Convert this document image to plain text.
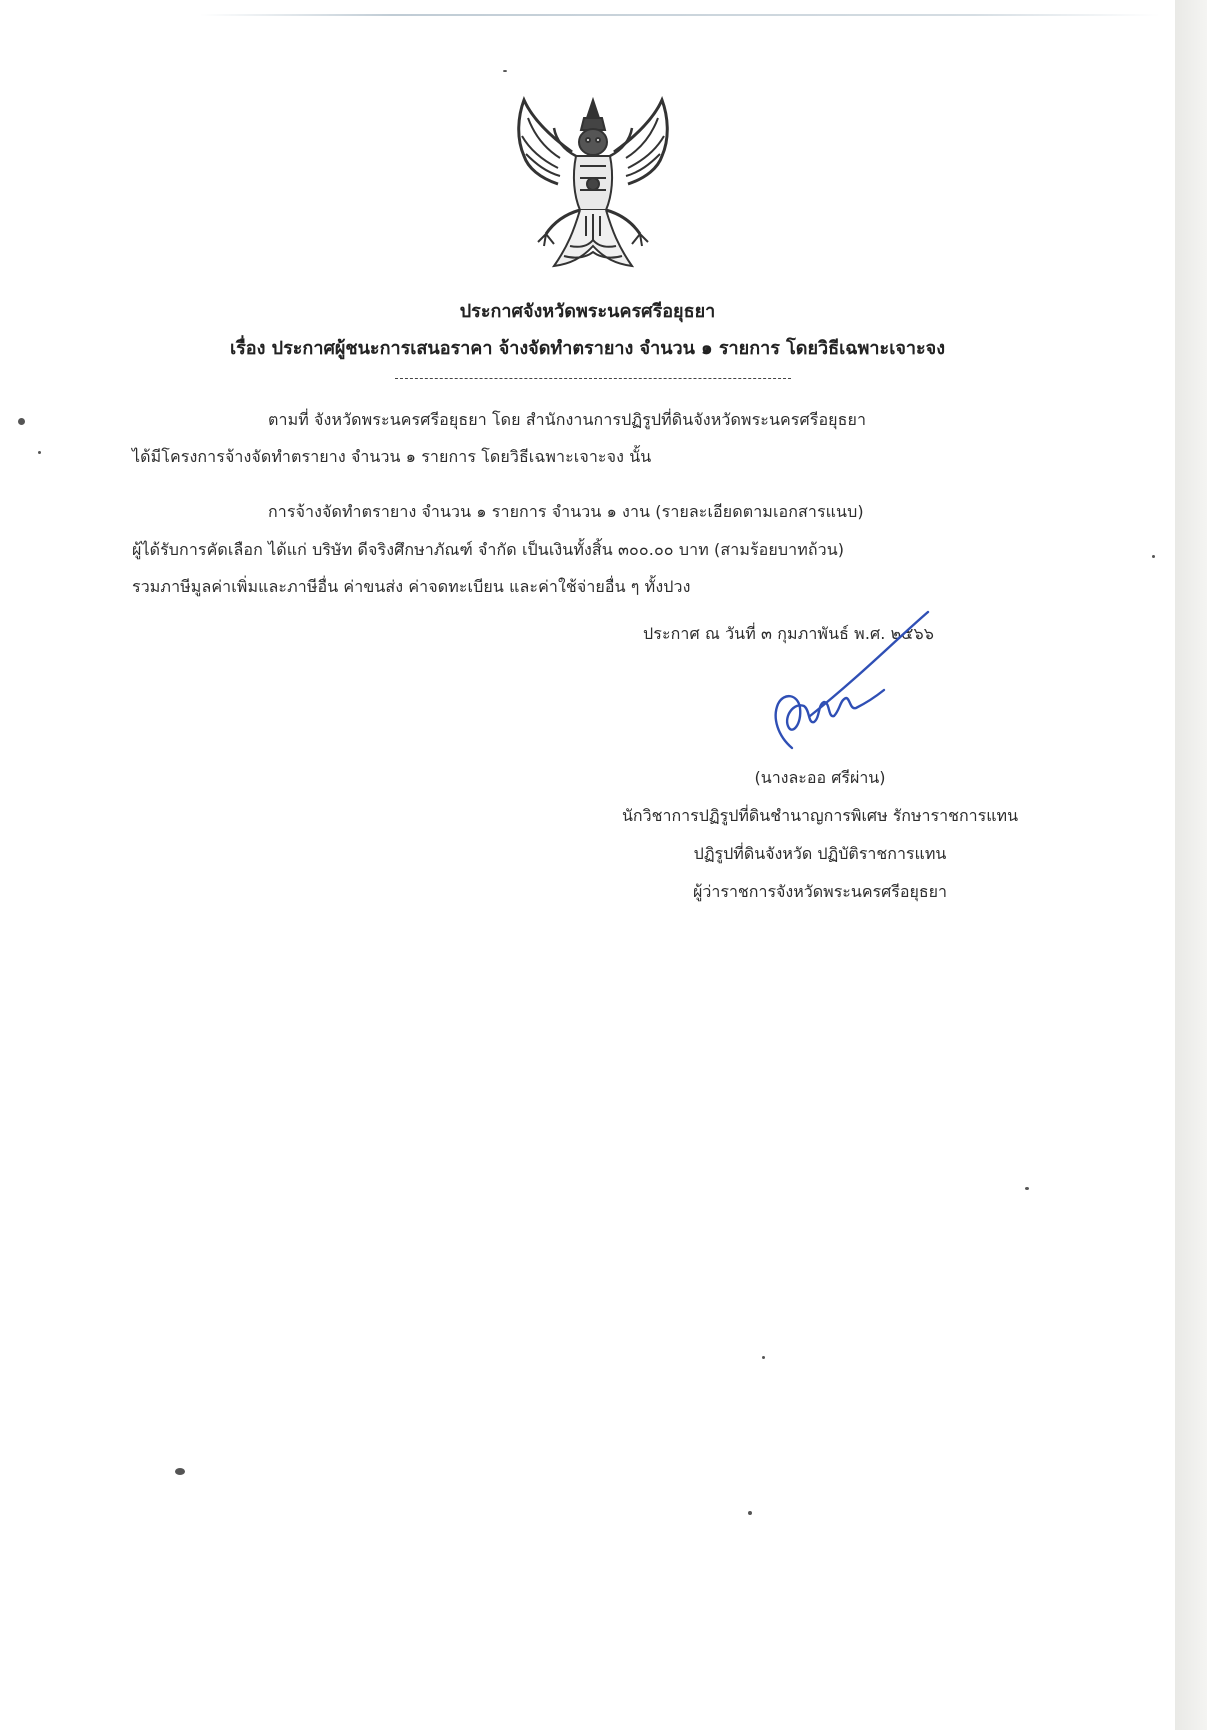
ประกาศจังหวัดพระนครศรีอยุธยา
เรื่อง ประกาศผู้ชนะการเสนอราคา จ้างจัดทำตรายาง จำนวน ๑ รายการ โดยวิธีเฉพาะเจาะจง
ตามที่ จังหวัดพระนครศรีอยุธยา โดย สำนักงานการปฏิรูปที่ดินจังหวัดพระนครศรีอยุธยา
ได้มีโครงการจ้างจัดทำตรายาง จำนวน ๑ รายการ โดยวิธีเฉพาะเจาะจง นั้น
การจ้างจัดทำตรายาง จำนวน ๑ รายการ จำนวน ๑ งาน (รายละเอียดตามเอกสารแนบ)
ผู้ได้รับการคัดเลือก ได้แก่ บริษัท ดีจริงศึกษาภัณฑ์ จำกัด เป็นเงินทั้งสิ้น ๓๐๐.๐๐ บาท (สามร้อยบาทถ้วน)
รวมภาษีมูลค่าเพิ่มและภาษีอื่น ค่าขนส่ง ค่าจดทะเบียน และค่าใช้จ่ายอื่น ๆ ทั้งปวง
ประกาศ ณ วันที่ ๓ กุมภาพันธ์ พ.ศ. ๒๕๖๖
(นางละออ ศรีผ่าน)
นักวิชาการปฏิรูปที่ดินชำนาญการพิเศษ รักษาราชการแทน
ปฏิรูปที่ดินจังหวัด ปฏิบัติราชการแทน
ผู้ว่าราชการจังหวัดพระนครศรีอยุธยา
